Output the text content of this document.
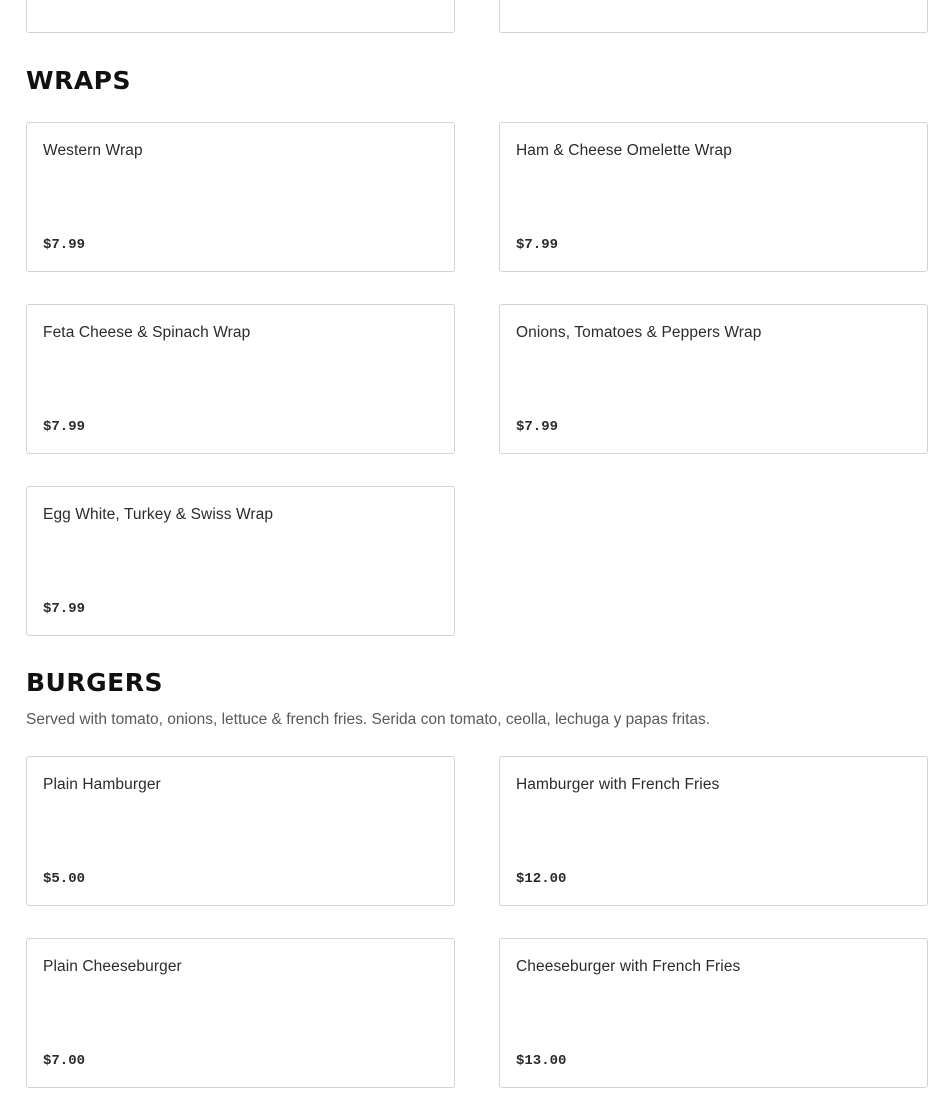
WRAPS
Western Wrap
$7.99
Ham & Cheese Omelette Wrap
$7.99
Feta Cheese & Spinach Wrap
$7.99
Onions, Tomatoes & Peppers Wrap
$7.99
Egg White, Turkey & Swiss Wrap
$7.99
BURGERS
Served with tomato, onions, lettuce & french fries. Serida con tomato, ceolla, lechuga y papas fritas.
Plain Hamburger
$5.00
Hamburger with French Fries
$12.00
Plain Cheeseburger
$7.00
Cheeseburger with French Fries
$13.00
